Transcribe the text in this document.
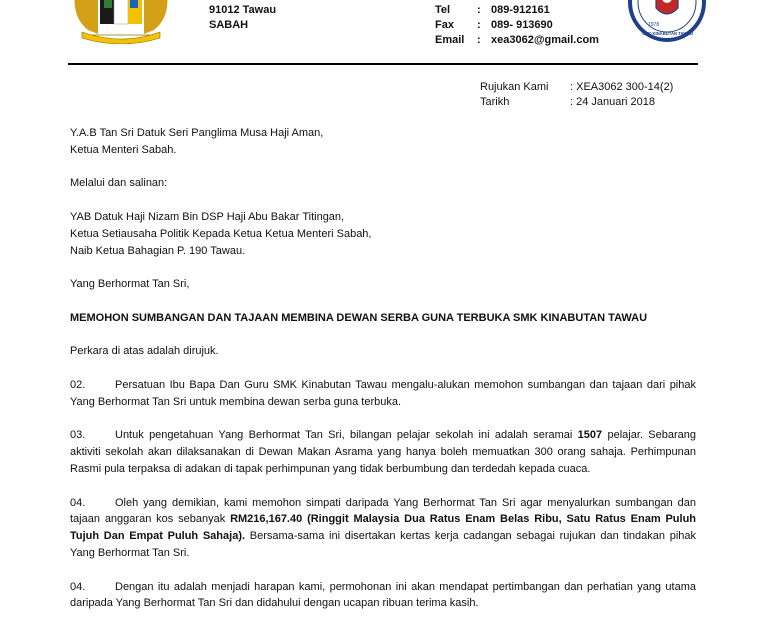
91012 Tawau
SABAH
Tel	: 089-912161
Fax	: 089- 913690
Email	: xea3062@gmail.com
1978
SMK KINABUTAN TAWAU
Rujukan Kami	: XEA3062 300-14(2)
Tarikh	: 24 Januari 2018

Y.A.B Tan Sri Datuk Seri Panglima Musa Haji Aman,

Ketua Menteri Sabah.

Melalui dan salinan:

YAB Datuk Haji Nizam Bin DSP Haji Abu Bakar Titingan,

Ketua Setiausaha Politik Kepada Ketua Ketua Menteri Sabah,

Naib Ketua Bahagian P. 190 Tawau.

Yang Berhormat Tan Sri,

MEMOHON SUMBANGAN DAN TAJAAN MEMBINA DEWAN SERBA GUNA TERBUKA SMK KINABUTAN TAWAU

Perkara di atas adalah dirujuk.

02.	Persatuan Ibu Bapa Dan Guru SMK Kinabutan Tawau mengalu-alukan memohon sumbangan dan tajaan dari pihak Yang Berhormat Tan Sri untuk membina dewan serba guna terbuka.

03.	Untuk pengetahuan Yang Berhormat Tan Sri, bilangan pelajar sekolah ini adalah seramai 1507 pelajar. Sebarang aktiviti sekolah akan dilaksanakan di Dewan Makan Asrama yang hanya boleh memuatkan 300 orang sahaja. Perhimpunan Rasmi pula terpaksa di adakan di tapak perhimpunan yang tidak berbumbung dan terdedah kepada cuaca.

04.	Oleh yang demikian, kami memohon simpati daripada Yang Berhormat Tan Sri agar menyalurkan sumbangan dan tajaan anggaran kos sebanyak RM216,167.40 (Ringgit Malaysia Dua Ratus Enam Belas Ribu, Satu Ratus Enam Puluh Tujuh Dan Empat Puluh Sahaja). Bersama-sama ini disertakan kertas kerja cadangan sebagai rujukan dan tindakan pihak Yang Berhormat Tan Sri.

04.	Dengan itu adalah menjadi harapan kami, permohonan ini akan mendapat pertimbangan dan perhatian yang utama daripada Yang Berhormat Tan Sri dan didahului dengan ucapan ribuan terima kasih.
